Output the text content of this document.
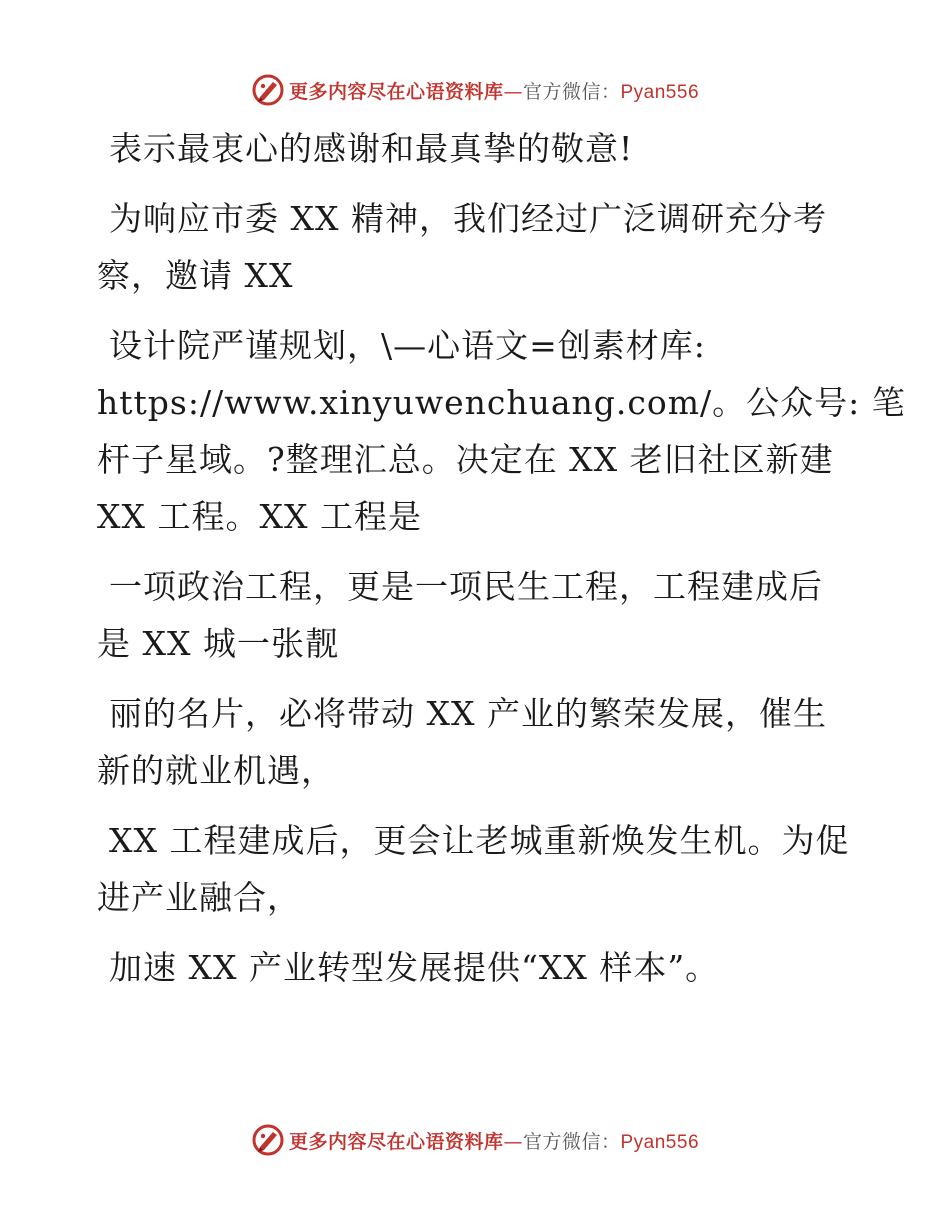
更多内容尽在心语资料库—官方微信：Pyan556
表示最衷心的感谢和最真挚的敬意!
为响应市委 XX 精神，我们经过广泛调研充分考
察，邀请 XX
设计院严谨规划，\—心语文=创素材库:
https://www.xinyuwenchuang.com/。公众号: 笔
杆子星域。?整理汇总。决定在 XX 老旧社区新建
XX 工程。XX 工程是
一项政治工程，更是一项民生工程，工程建成后
是 XX 城一张靓
丽的名片，必将带动 XX 产业的繁荣发展，催生
新的就业机遇，
XX 工程建成后，更会让老城重新焕发生机。为促
进产业融合，
加速 XX 产业转型发展提供“XX 样本”。
更多内容尽在心语资料库—官方微信：Pyan556
